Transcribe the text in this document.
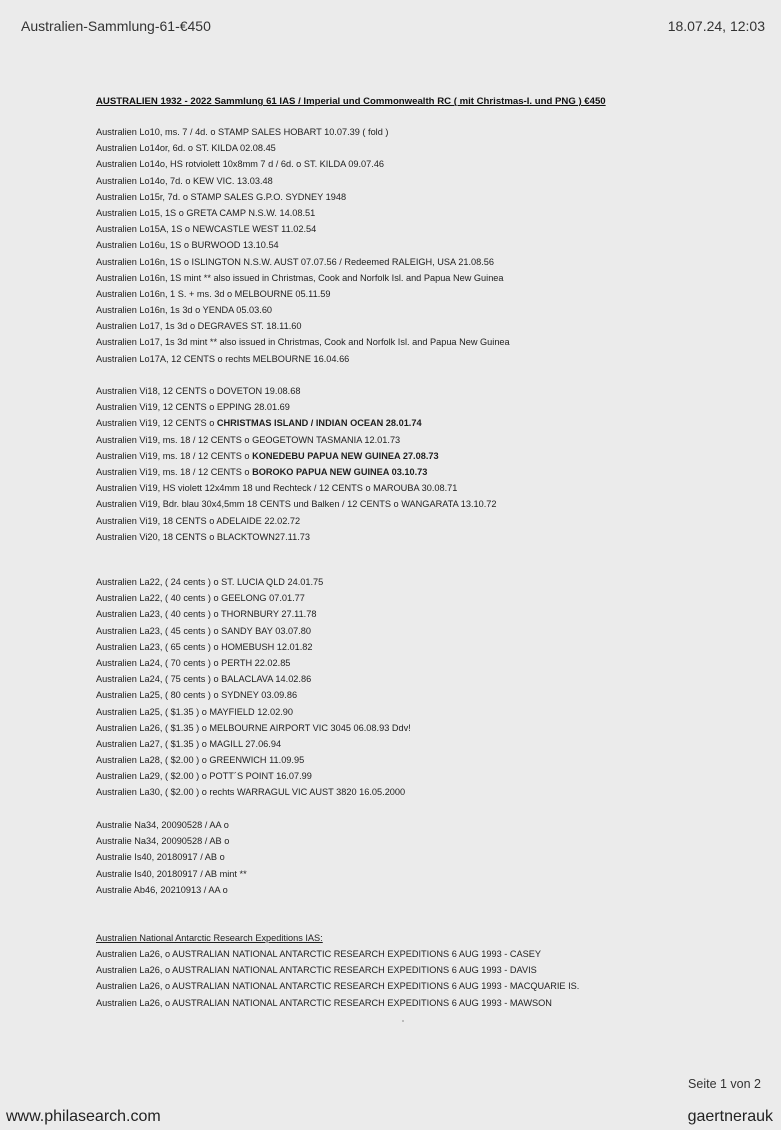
Australien-Sammlung-61-€450	18.07.24, 12:03
AUSTRALIEN 1932 - 2022 Sammlung 61 IAS / Imperial und Commonwealth RC ( mit Christmas-I. und PNG ) €450
Australien Lo10, ms. 7 / 4d. o STAMP SALES HOBART 10.07.39 ( fold )
Australien Lo14or, 6d. o ST. KILDA 02.08.45
Australien Lo14o, HS rotviolett 10x8mm 7 d / 6d. o ST. KILDA 09.07.46
Australien Lo14o, 7d. o KEW VIC. 13.03.48
Australien Lo15r, 7d. o STAMP SALES G.P.O. SYDNEY 1948
Australien Lo15, 1S o GRETA CAMP N.S.W. 14.08.51
Australien Lo15A, 1S o NEWCASTLE WEST 11.02.54
Australien Lo16u, 1S o BURWOOD 13.10.54
Australien Lo16n, 1S o ISLINGTON N.S.W. AUST 07.07.56 / Redeemed RALEIGH, USA 21.08.56
Australien Lo16n, 1S mint ** also issued in Christmas, Cook and Norfolk Isl. and Papua New Guinea
Australien Lo16n, 1 S. + ms. 3d o MELBOURNE 05.11.59
Australien Lo16n, 1s 3d o YENDA 05.03.60
Australien Lo17, 1s 3d o DEGRAVES ST. 18.11.60
Australien Lo17, 1s 3d mint ** also issued in Christmas, Cook and Norfolk Isl. and Papua New Guinea
Australien Lo17A, 12 CENTS o rechts MELBOURNE 16.04.66
Australien Vi18, 12 CENTS o DOVETON 19.08.68
Australien Vi19, 12 CENTS o EPPING 28.01.69
Australien Vi19, 12 CENTS o CHRISTMAS ISLAND / INDIAN OCEAN 28.01.74
Australien Vi19, ms. 18 / 12 CENTS o GEOGETOWN TASMANIA 12.01.73
Australien Vi19, ms. 18 / 12 CENTS o KONEDEBU PAPUA NEW GUINEA 27.08.73
Australien Vi19, ms. 18 / 12 CENTS o BOROKO PAPUA NEW GUINEA 03.10.73
Australien Vi19, HS violett 12x4mm 18 und Rechteck / 12 CENTS o MAROUBA 30.08.71
Australien Vi19, Bdr. blau 30x4,5mm 18 CENTS und Balken / 12 CENTS o WANGARATA 13.10.72
Australien Vi19, 18 CENTS o ADELAIDE 22.02.72
Australien Vi20, 18 CENTS o BLACKTOWN27.11.73
Australien La22, ( 24 cents ) o ST. LUCIA QLD 24.01.75
Australien La22, ( 40 cents ) o GEELONG 07.01.77
Australien La23, ( 40 cents ) o THORNBURY 27.11.78
Australien La23, ( 45 cents ) o SANDY BAY 03.07.80
Australien La23, ( 65 cents ) o HOMEBUSH 12.01.82
Australien La24, ( 70 cents ) o PERTH 22.02.85
Australien La24, ( 75 cents ) o BALACLAVA 14.02.86
Australien La25, ( 80 cents ) o SYDNEY 03.09.86
Australien La25, ( $1.35 ) o MAYFIELD 12.02.90
Australien La26, ( $1.35 ) o MELBOURNE AIRPORT VIC 3045 06.08.93 Ddv!
Australien La27, ( $1.35 ) o MAGILL 27.06.94
Australien La28, ( $2.00 ) o GREENWICH 11.09.95
Australien La29, ( $2.00 ) o POTT´S POINT 16.07.99
Australien La30, ( $2.00 ) o rechts WARRAGUL VIC AUST 3820 16.05.2000
Australie Na34, 20090528 / AA o
Australie Na34, 20090528 / AB o
Australie Is40, 20180917 / AB o
Australie Is40, 20180917 / AB mint **
Australie Ab46, 20210913 / AA o
Australien National Antarctic Research Expeditions IAS:
Australien La26, o AUSTRALIAN NATIONAL ANTARCTIC RESEARCH EXPEDITIONS 6 AUG 1993 - CASEY
Australien La26, o AUSTRALIAN NATIONAL ANTARCTIC RESEARCH EXPEDITIONS 6 AUG 1993 - DAVIS
Australien La26, o AUSTRALIAN NATIONAL ANTARCTIC RESEARCH EXPEDITIONS 6 AUG 1993 - MACQUARIE IS.
Australien La26, o AUSTRALIAN NATIONAL ANTARCTIC RESEARCH EXPEDITIONS 6 AUG 1993 - MAWSON
Seite 1 von 2
www.philasearch.com	gaertnerauk
